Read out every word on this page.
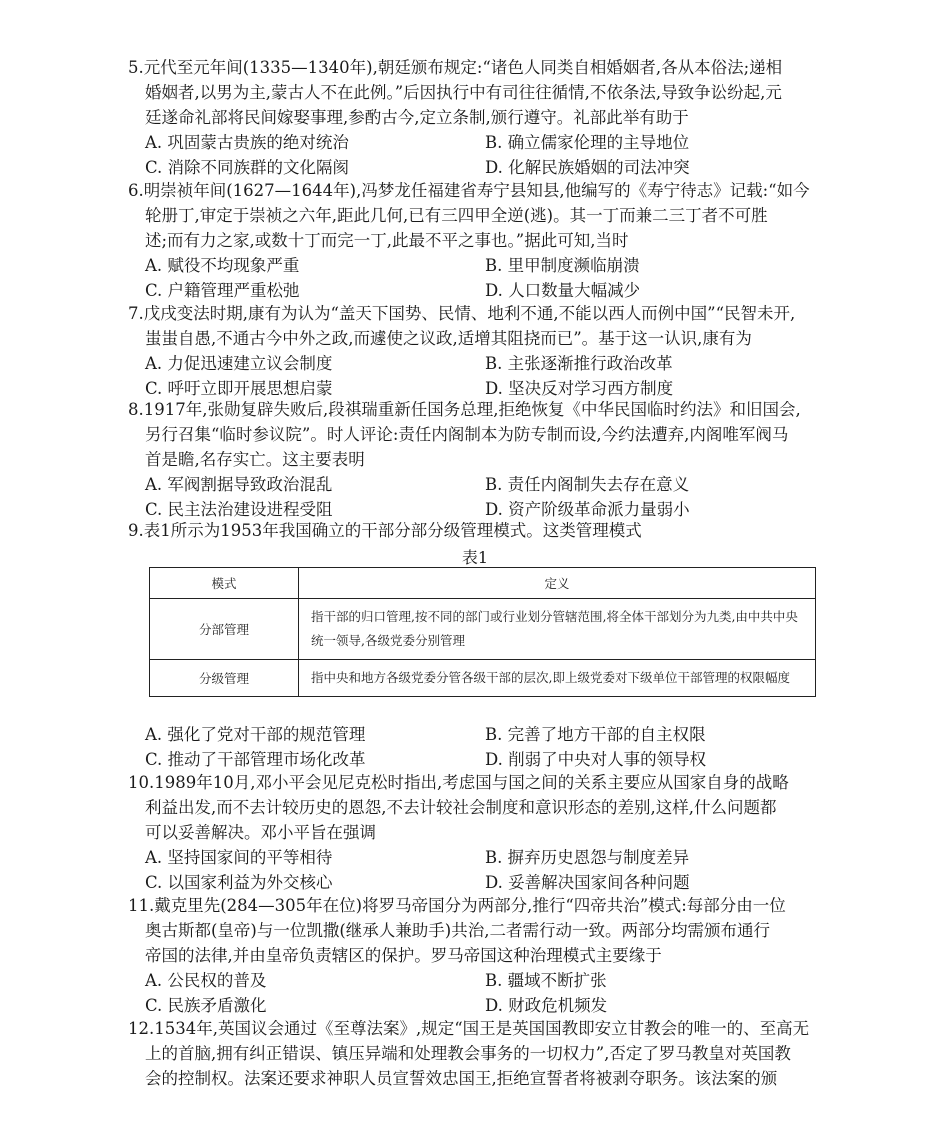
5.元代至元年间(1335—1340年),朝廷颁布规定:“诸色人同类自相婚姻者,各从本俗法;递相
婚姻者,以男为主,蒙古人不在此例。”后因执行中有司往往循情,不依条法,导致争讼纷起,元
廷遂命礼部将民间嫁娶事理,参酌古今,定立条制,颁行遵守。礼部此举有助于
A. 巩固蒙古贵族的绝对统治	B. 确立儒家伦理的主导地位
C. 消除不同族群的文化隔阂	D. 化解民族婚姻的司法冲突
6.明崇祯年间(1627—1644年),冯梦龙任福建省寿宁县知县,他编写的《寿宁待志》记载:“如今
轮册丁,审定于崇祯之六年,距此几何,已有三四甲全逆(逃)。其一丁而兼二三丁者不可胜
述;而有力之家,或数十丁而完一丁,此最不平之事也。”据此可知,当时
A. 赋役不均现象严重	B. 里甲制度濒临崩溃
C. 户籍管理严重松弛	D. 人口数量大幅减少
7.戊戌变法时期,康有为认为“盖天下国势、民情、地利不通,不能以西人而例中国”“民智未开,
蚩蚩自愚,不通古今中外之政,而遽使之议政,适增其阻挠而已”。基于这一认识,康有为
A. 力促迅速建立议会制度	B. 主张逐渐推行政治改革
C. 呼吁立即开展思想启蒙	D. 坚决反对学习西方制度
8.1917年,张勋复辟失败后,段祺瑞重新任国务总理,拒绝恢复《中华民国临时约法》和旧国会,
另行召集“临时参议院”。时人评论:责任内阁制本为防专制而设,今约法遭弃,内阁唯军阀马
首是瞻,名存实亡。这主要表明
A. 军阀割据导致政治混乱	B. 责任内阁制失去存在意义
C. 民主法治建设进程受阻	D. 资产阶级革命派力量弱小
9.表1所示为1953年我国确立的干部分部分级管理模式。这类管理模式
表1
模式	定义
分部管理	指干部的归口管理,按不同的部门或行业划分管辖范围,将全体干部划分为九类,由中共中央统一领导,各级党委分别管理
分级管理	指中央和地方各级党委分管各级干部的层次,即上级党委对下级单位干部管理的权限幅度
A. 强化了党对干部的规范管理	B. 完善了地方干部的自主权限
C. 推动了干部管理市场化改革	D. 削弱了中央对人事的领导权
10.1989年10月,邓小平会见尼克松时指出,考虑国与国之间的关系主要应从国家自身的战略
利益出发,而不去计较历史的恩怨,不去计较社会制度和意识形态的差别,这样,什么问题都
可以妥善解决。邓小平旨在强调
A. 坚持国家间的平等相待	B. 摒弃历史恩怨与制度差异
C. 以国家利益为外交核心	D. 妥善解决国家间各种问题
11.戴克里先(284—305年在位)将罗马帝国分为两部分,推行“四帝共治”模式:每部分由一位
奥古斯都(皇帝)与一位凯撒(继承人兼助手)共治,二者需行动一致。两部分均需颁布通行
帝国的法律,并由皇帝负责辖区的保护。罗马帝国这种治理模式主要缘于
A. 公民权的普及	B. 疆域不断扩张
C. 民族矛盾激化	D. 财政危机频发
12.1534年,英国议会通过《至尊法案》,规定“国王是英国国教即安立甘教会的唯一的、至高无
上的首脑,拥有纠正错误、镇压异端和处理教会事务的一切权力”,否定了罗马教皇对英国教
会的控制权。法案还要求神职人员宣誓效忠国王,拒绝宣誓者将被剥夺职务。该法案的颁
